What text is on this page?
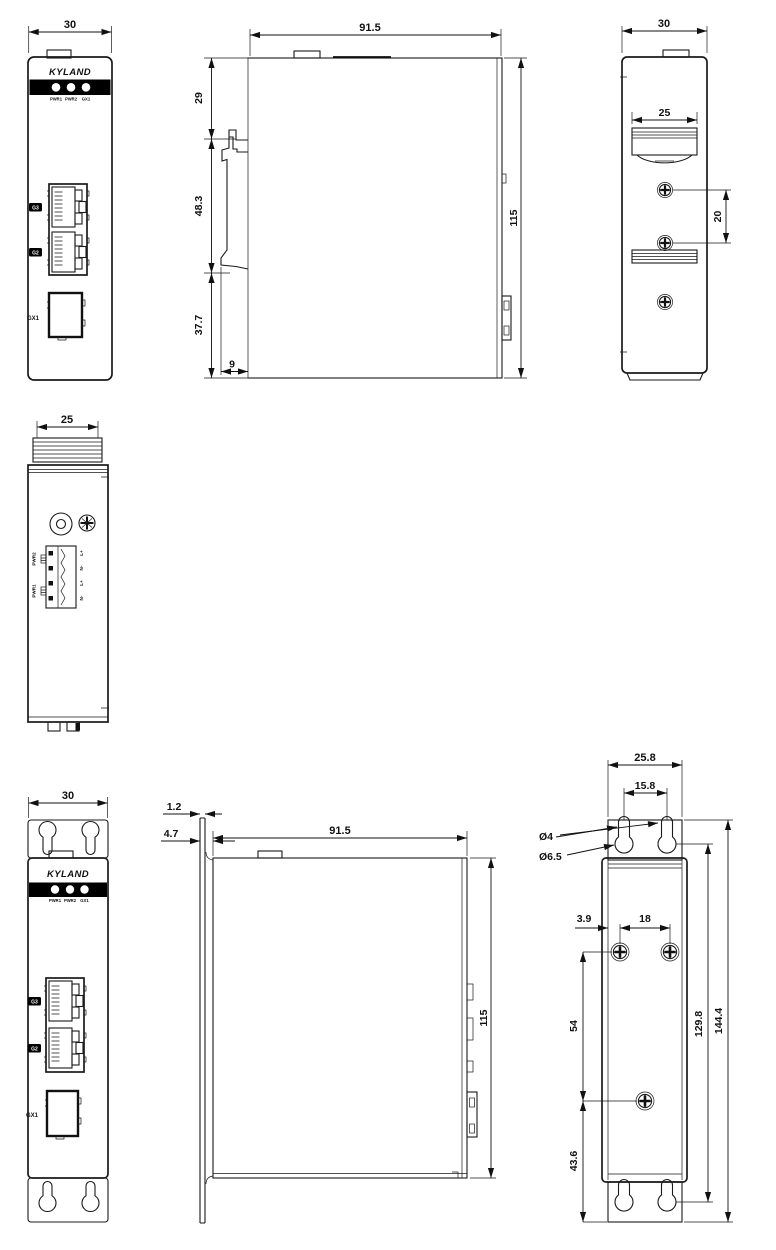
30
KYLAND
PWR1 PWR2 GX1
G3
G2
GX1
91.5
29
48.3
37.7
9
115
30
25
20
25
PWR2
PWR1
L+
N-
L+
N-
30
KYLAND
PWR1 PWR2 GX1
G3
G2
GX1
1.2
4.7	91.5
115
25.8
15.8
Ø4
Ø6.5
3.9	18
54
43.6
129.8 144.4
